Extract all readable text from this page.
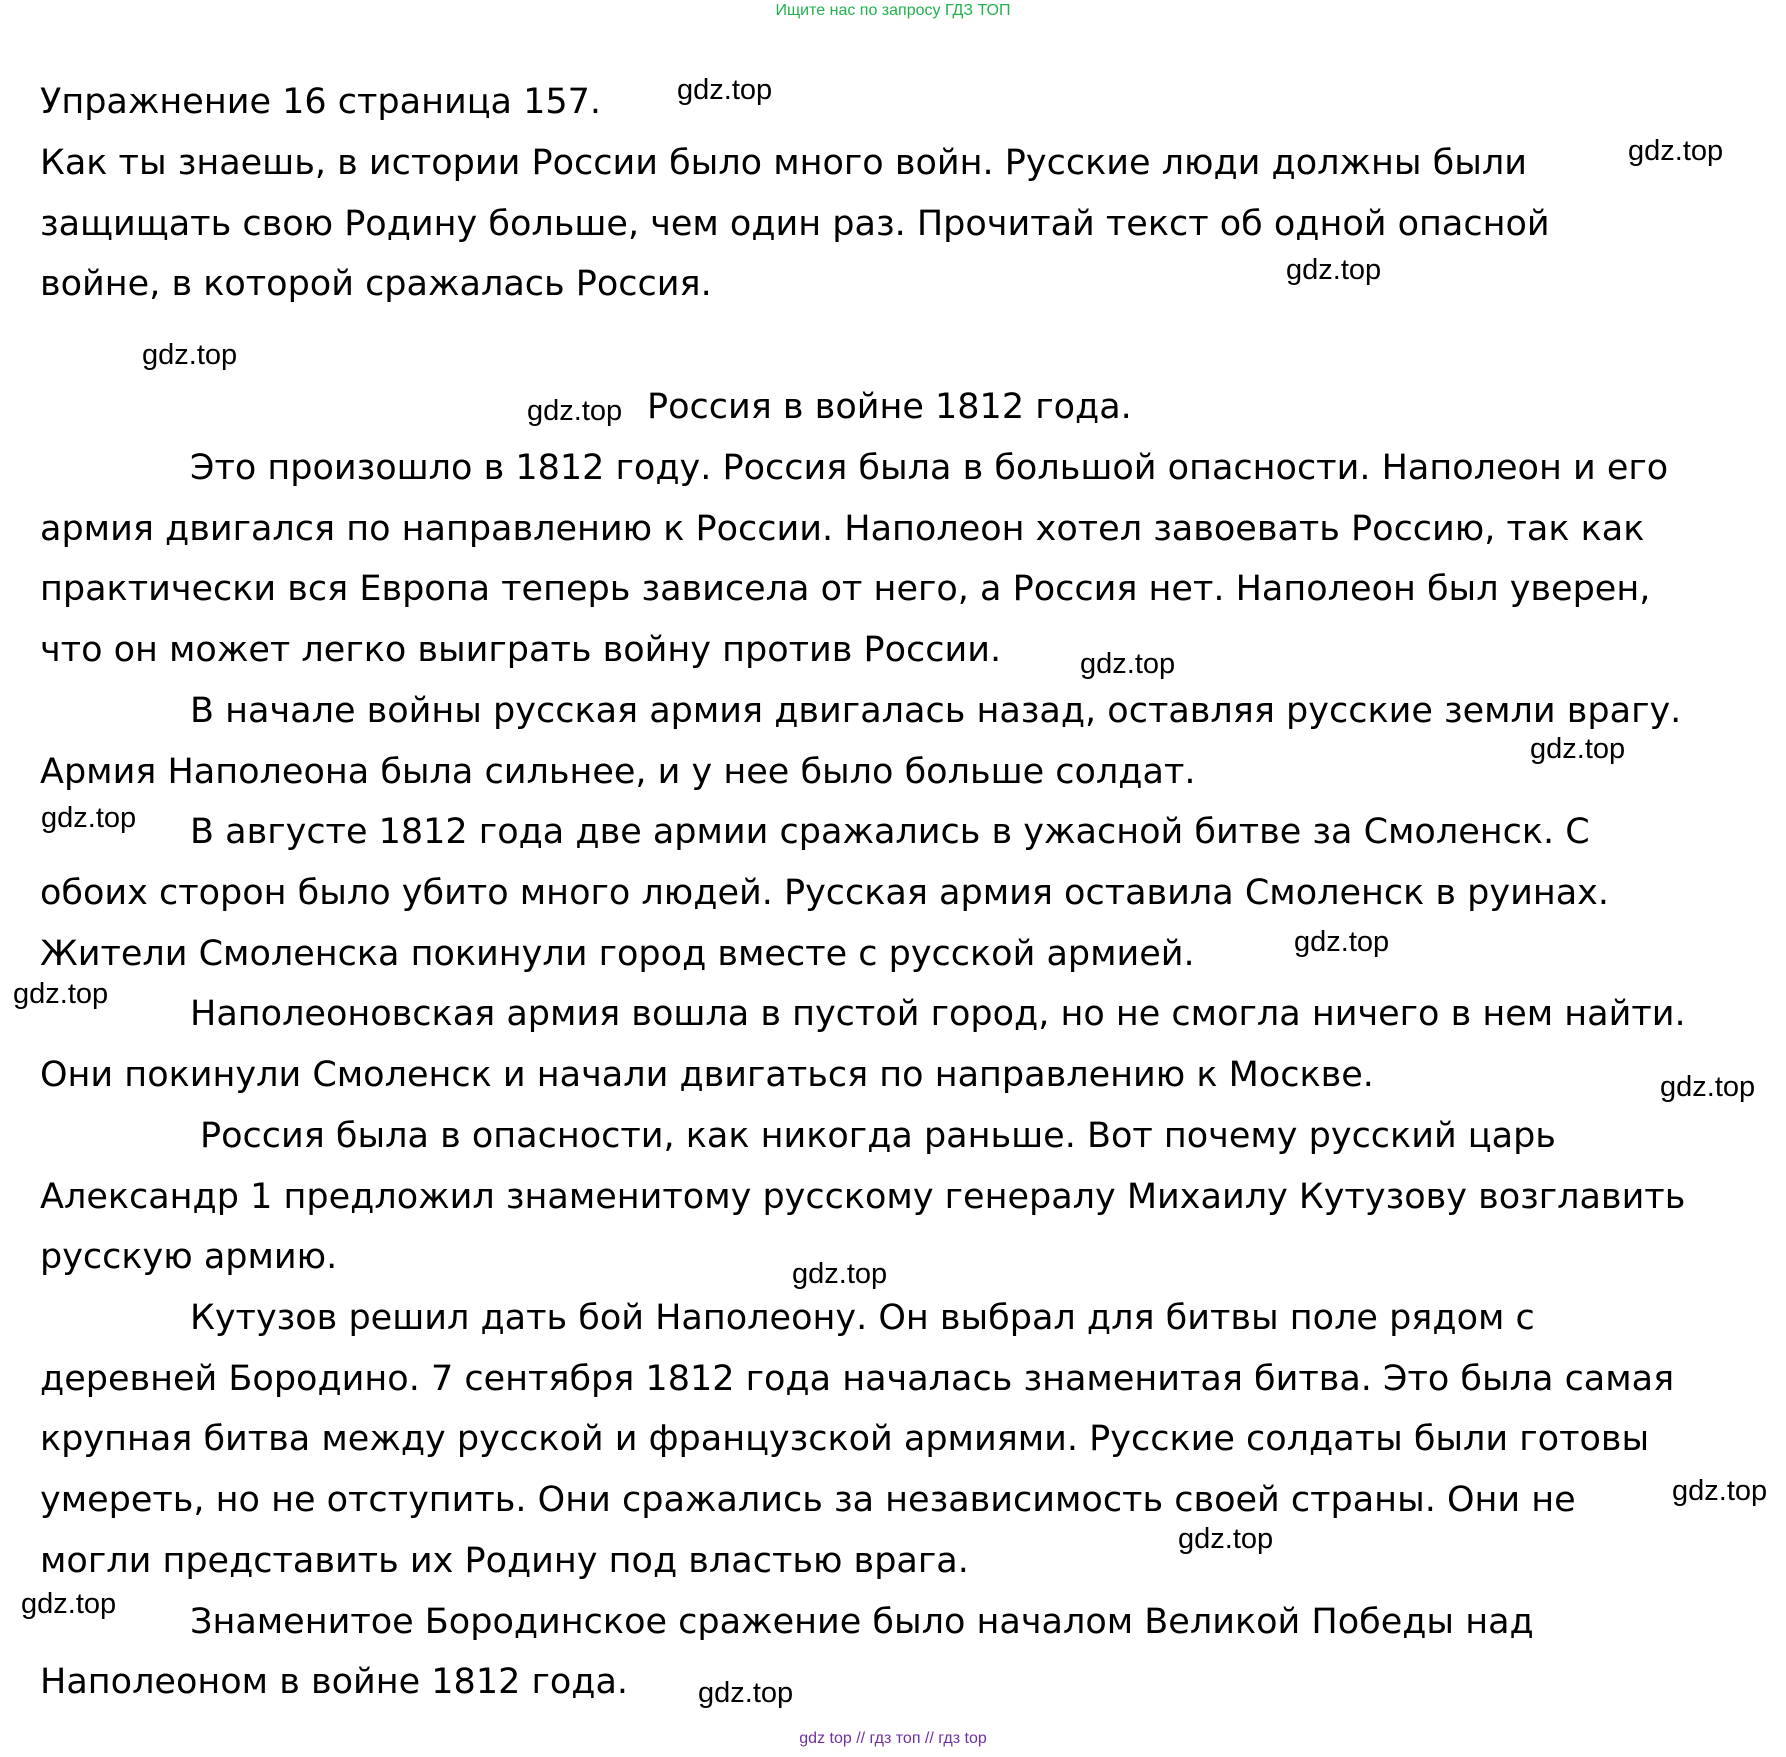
Ищите нас по запросу ГДЗ ТОП
Упражнение 16 страница 157.
Как ты знаешь, в истории России было много войн. Русские люди должны были
защищать свою Родину больше, чем один раз. Прочитай текст об одной опасной
войне, в которой сражалась Россия.
Россия в войне 1812 года.
Это произошло в 1812 году. Россия была в большой опасности. Наполеон и его
армия двигался по направлению к России. Наполеон хотел завоевать Россию, так как
практически вся Европа теперь зависела от него, а Россия нет. Наполеон был уверен,
что он может легко выиграть войну против России.
В начале войны русская армия двигалась назад, оставляя русские земли врагу.
Армия Наполеона была сильнее, и у нее было больше солдат.
В августе 1812 года две армии сражались в ужасной битве за Смоленск. С
обоих сторон было убито много людей. Русская армия оставила Смоленск в руинах.
Жители Смоленска покинули город вместе с русской армией.
Наполеоновская армия вошла в пустой город, но не смогла ничего в нем найти.
Они покинули Смоленск и начали двигаться по направлению к Москве.
Россия была в опасности, как никогда раньше. Вот почему русский царь
Александр 1 предложил знаменитому русскому генералу Михаилу Кутузову возглавить
русскую армию.
Кутузов решил дать бой Наполеону. Он выбрал для битвы поле рядом с
деревней Бородино. 7 сентября 1812 года началась знаменитая битва. Это была самая
крупная битва между русской и французской армиями. Русские солдаты были готовы
умереть, но не отступить. Они сражались за независимость своей страны. Они не
могли представить их Родину под властью врага.
Знаменитое Бородинское сражение было началом Великой Победы над
Наполеоном в войне 1812 года.
gdz.top
gdz.top
gdz.top
gdz.top
gdz.top
gdz.top
gdz.top
gdz.top
gdz.top
gdz.top
gdz.top
gdz.top
gdz.top
gdz.top
gdz.top
gdz.top
gdz top // гдз топ // гдз top
